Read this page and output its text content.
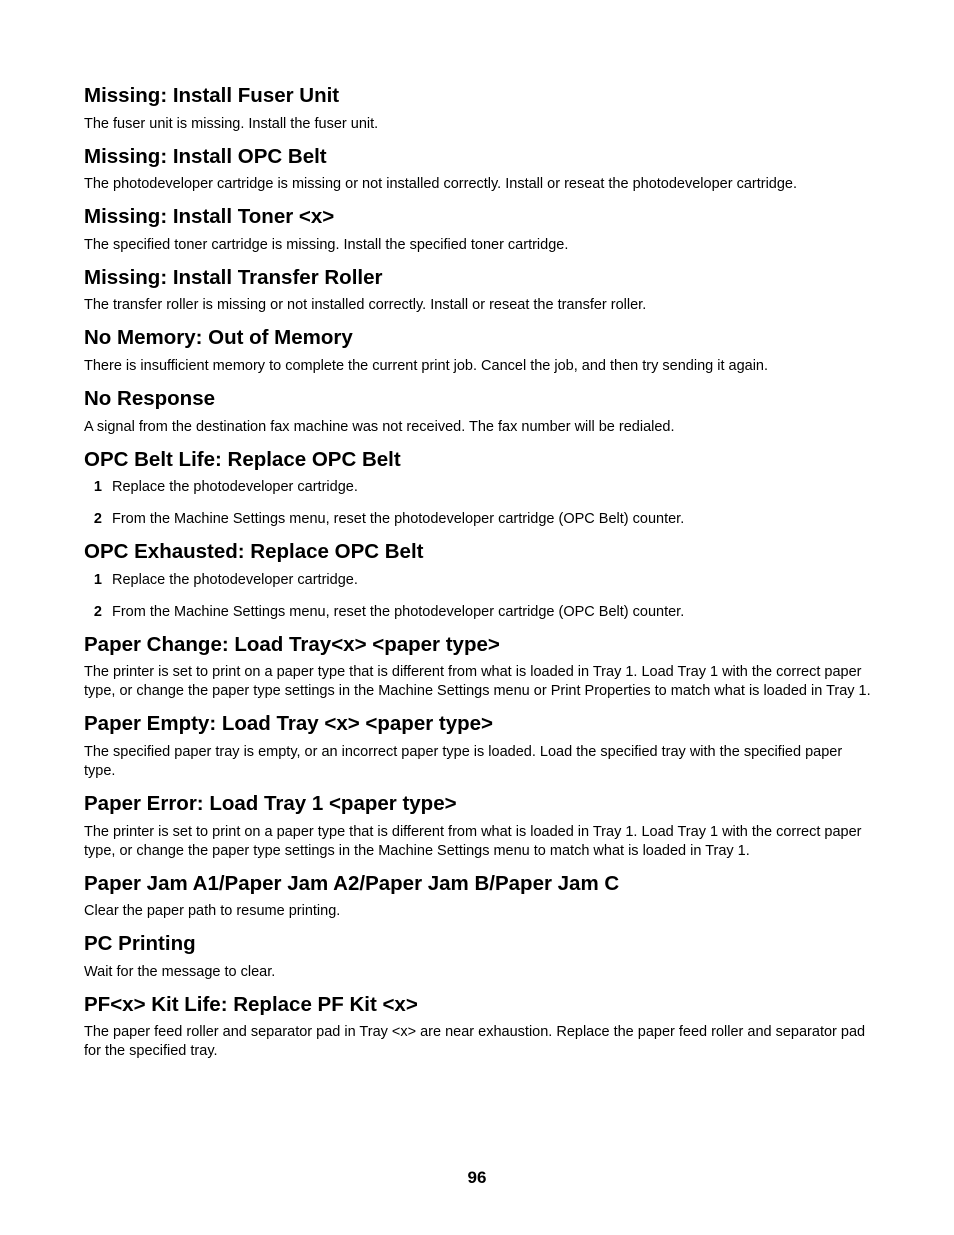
Missing: Install Fuser Unit

The fuser unit is missing. Install the fuser unit.

Missing: Install OPC Belt

The photodeveloper cartridge is missing or not installed correctly. Install or reseat the photodeveloper cartridge.

Missing: Install Toner <x>

The specified toner cartridge is missing. Install the specified toner cartridge.

Missing: Install Transfer Roller

The transfer roller is missing or not installed correctly. Install or reseat the transfer roller.

No Memory: Out of Memory

There is insufficient memory to complete the current print job. Cancel the job, and then try sending it again.

No Response

A signal from the destination fax machine was not received. The fax number will be redialed.

OPC Belt Life: Replace OPC Belt
1 Replace the photodeveloper cartridge.
2 From the Machine Settings menu, reset the photodeveloper cartridge (OPC Belt) counter.
OPC Exhausted: Replace OPC Belt
1 Replace the photodeveloper cartridge.
2 From the Machine Settings menu, reset the photodeveloper cartridge (OPC Belt) counter.
Paper Change: Load Tray<x> <paper type>

The printer is set to print on a paper type that is different from what is loaded in Tray 1. Load Tray 1 with the correct paper type, or change the paper type settings in the Machine Settings menu or Print Properties to match what is loaded in Tray 1.

Paper Empty: Load Tray <x> <paper type>

The specified paper tray is empty, or an incorrect paper type is loaded. Load the specified tray with the specified paper type.

Paper Error: Load Tray 1 <paper type>

The printer is set to print on a paper type that is different from what is loaded in Tray 1. Load Tray 1 with the correct paper type, or change the paper type settings in the Machine Settings menu to match what is loaded in Tray 1.

Paper Jam A1/Paper Jam A2/Paper Jam B/Paper Jam C

Clear the paper path to resume printing.

PC Printing

Wait for the message to clear.

PF<x> Kit Life: Replace PF Kit <x>

The paper feed roller and separator pad in Tray <x> are near exhaustion. Replace the paper feed roller and separator pad for the specified tray.

96
